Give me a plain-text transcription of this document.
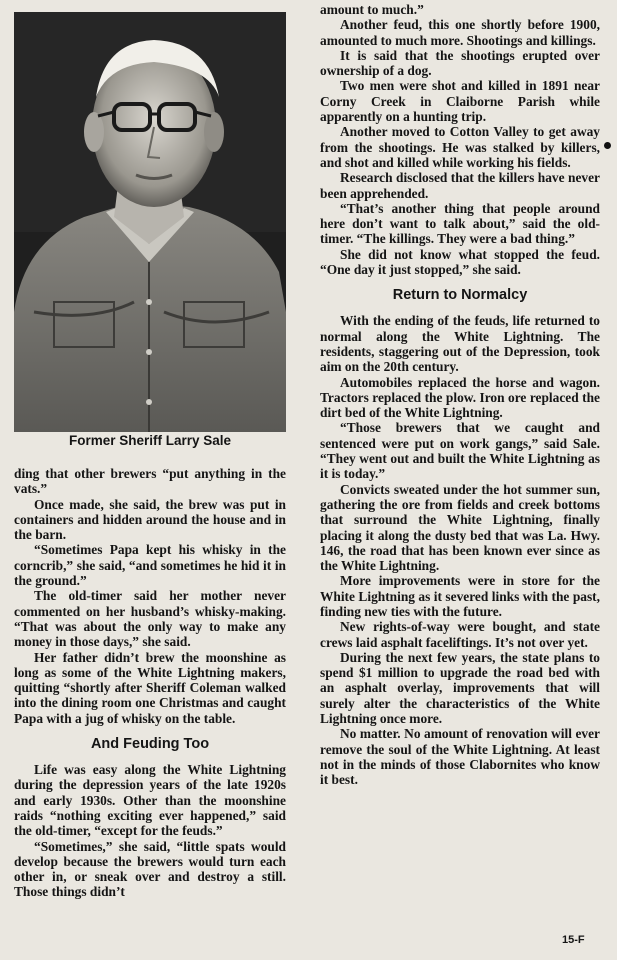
Former Sheriff Larry Sale

ding that other brewers “put anything in the vats.”

Once made, she said, the brew was put in containers and hidden around the house and in the barn.

“Sometimes Papa kept his whisky in the corncrib,” she said, “and sometimes he hid it in the ground.”

The old-timer said her mother never commented on her husband’s whisky-making. “That was about the only way to make any money in those days,” she said.

Her father didn’t brew the moonshine as long as some of the White Lightning makers, quitting “shortly after Sheriff Coleman walked into the dining room one Christmas and caught Papa with a jug of whisky on the table.

And Feuding Too

Life was easy along the White Lightning during the depression years of the late 1920s and early 1930s. Other than the moonshine raids “nothing exciting ever happened,” said the old-timer, “except for the feuds.”

“Sometimes,” she said, “little spats would develop because the brewers would turn each other in, or sneak over and destroy a still. Those things didn’t

amount to much.”

Another feud, this one shortly before 1900, amounted to much more. Shootings and killings.

It is said that the shootings erupted over ownership of a dog.

Two men were shot and killed in 1891 near Corny Creek in Claiborne Parish while apparently on a hunting trip.

Another moved to Cotton Valley to get away from the shootings. He was stalked by killers, and shot and killed while working his fields.

Research disclosed that the killers have never been apprehended.

“That’s another thing that people around here don’t want to talk about,” said the old-timer. “The killings. They were a bad thing.”

She did not know what stopped the feud. “One day it just stopped,” she said.

Return to Normalcy

With the ending of the feuds, life returned to normal along the White Lightning. The residents, staggering out of the Depression, took aim on the 20th century.

Automobiles replaced the horse and wagon. Tractors replaced the plow. Iron ore replaced the dirt bed of the White Lightning.

“Those brewers that we caught and sentenced were put on work gangs,” said Sale. “They went out and built the White Lightning as it is today.”

Convicts sweated under the hot summer sun, gathering the ore from fields and creek bottoms that surround the White Lightning, finally placing it along the dusty bed that was La. Hwy. 146, the road that has been known ever since as the White Lightning.

More improvements were in store for the White Lightning as it severed links with the past, finding new ties with the future.

New rights-of-way were bought, and state crews laid asphalt faceliftings. It’s not over yet.

During the next few years, the state plans to spend $1 million to upgrade the road bed with an asphalt overlay, improvements that will surely alter the characteristics of the White Lightning once more.

No matter. No amount of renovation will ever remove the soul of the White Lightning. At least not in the minds of those Clabornites who know it best.

15-F
